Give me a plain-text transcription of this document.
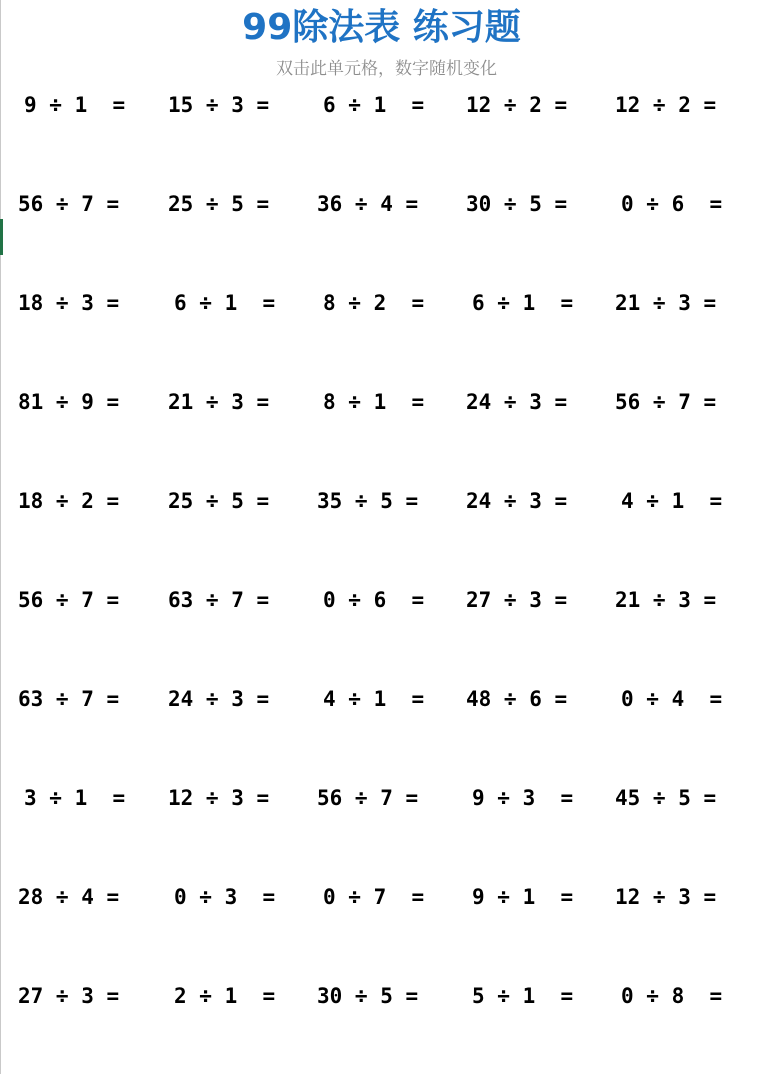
99除法表 练习题
双击此单元格，数字随机变化
9 ÷ 1  =	15 ÷ 3 =	6 ÷ 1  =	12 ÷ 2 =	12 ÷ 2 =
56 ÷ 7 =	25 ÷ 5 =	36 ÷ 4 =	30 ÷ 5 =	0 ÷ 6  =
18 ÷ 3 =	6 ÷ 1  =	8 ÷ 2  =	6 ÷ 1  =	21 ÷ 3 =
81 ÷ 9 =	21 ÷ 3 =	8 ÷ 1  =	24 ÷ 3 =	56 ÷ 7 =
18 ÷ 2 =	25 ÷ 5 =	35 ÷ 5 =	24 ÷ 3 =	4 ÷ 1  =
56 ÷ 7 =	63 ÷ 7 =	0 ÷ 6  =	27 ÷ 3 =	21 ÷ 3 =
63 ÷ 7 =	24 ÷ 3 =	4 ÷ 1  =	48 ÷ 6 =	0 ÷ 4  =
3 ÷ 1  =	12 ÷ 3 =	56 ÷ 7 =	9 ÷ 3  =	45 ÷ 5 =
28 ÷ 4 =	0 ÷ 3  =	0 ÷ 7  =	9 ÷ 1  =	12 ÷ 3 =
27 ÷ 3 =	2 ÷ 1  =	30 ÷ 5 =	5 ÷ 1  =	0 ÷ 8  =
